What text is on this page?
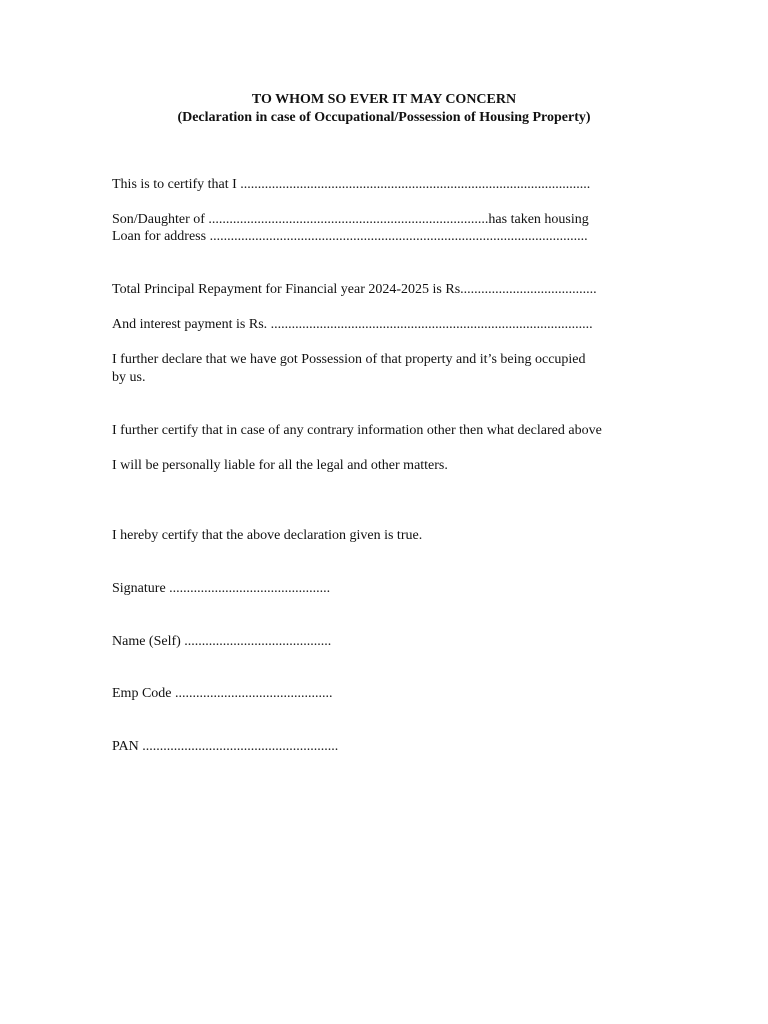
TO WHOM SO EVER IT MAY CONCERN
(Declaration in case of Occupational/Possession of Housing Property)
This is to certify that I ....................................................................................................
Son/Daughter of ................................................................................has taken housing
Loan for address ............................................................................................................
Total Principal Repayment for Financial year 2024-2025 is Rs.......................................
And interest payment is Rs. ............................................................................................
I further declare that we have got Possession of that property and it’s being occupied
by us.
I further certify that in case of any contrary information other then what declared above
I will be personally liable for all the legal and other matters.
I hereby certify that the above declaration given is true.
Signature ..............................................
Name (Self) ..........................................
Emp Code .............................................
PAN ........................................................
